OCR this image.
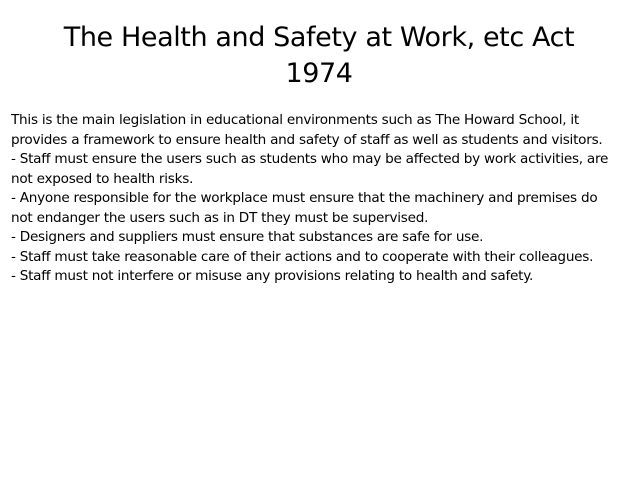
The Health and Safety at Work, etc Act
1974

This is the main legislation in educational environments such as The Howard School, it provides a framework to ensure health and safety of staff as well as students and visitors.

- Staff must ensure the users such as students who may be affected by work activities, are not exposed to health risks.

- Anyone responsible for the workplace must ensure that the machinery and premises do not endanger the users such as in DT they must be supervised.

- Designers and suppliers must ensure that substances are safe for use.

- Staff must take reasonable care of their actions and to cooperate with their colleagues.

- Staff must not interfere or misuse any provisions relating to health and safety.
